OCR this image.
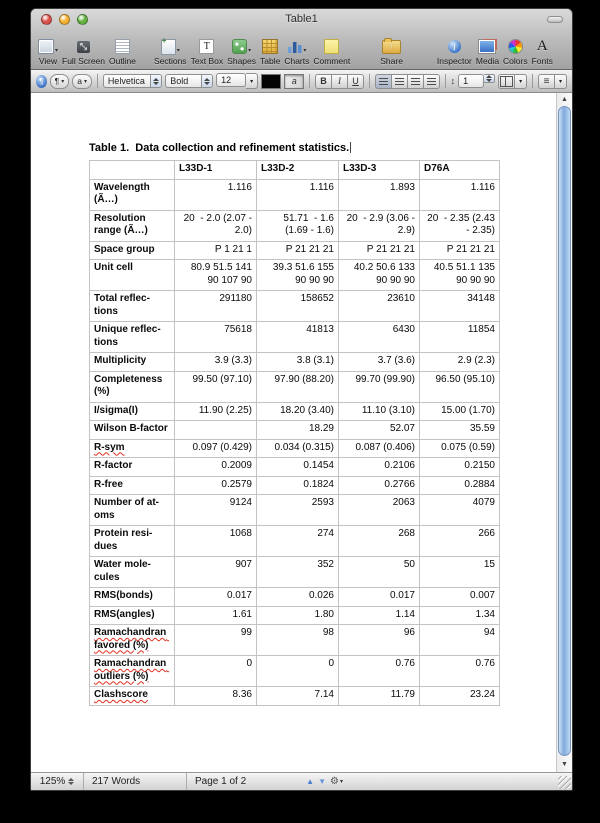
Table1
▾
View
⤡ Full Screen Outline
+
▾
Sections
T Text Box
▾
Shapes Table
▾
Charts Comment
↑	Share
i	Inspector Media Colors
A Fonts
¶	¶ ▾ a ▾	Helvetica	Bold	12	▾	a	B	I	U	↕ 1	▾	≡	▾
Table 1.  Data collection and refinement statistics.
	L33D-1	L33D-2	L33D-3	D76A
Wavelength (Ã…)	1.116	1.116	1.893	1.116
Resolution range (Ã…)	20  - 2.0 (2.07 - 2.0)	51.71  - 1.6 (1.69 - 1.6)	20  - 2.9 (3.06 - 2.9)	20  - 2.35 (2.43 - 2.35)
Space group	P 1 21 1	P 21 21 21	P 21 21 21	P 21 21 21
Unit cell	80.9 51.5 141 90 107 90	39.3 51.6 155 90 90 90	40.2 50.6 133 90 90 90	40.5 51.1 135 90 90 90
Total reflections	291180	158652	23610	34148
Unique reflections	75618	41813	6430	11854
Multiplicity	3.9 (3.3)	3.8 (3.1)	3.7 (3.6)	2.9 (2.3)
Completeness (%)	99.50 (97.10)	97.90 (88.20)	99.70 (99.90)	96.50 (95.10)
I/sigma(I)	11.90 (2.25)	18.20 (3.40)	11.10 (3.10)	15.00 (1.70)
Wilson B-factor		18.29	52.07	35.59
R-sym	0.097 (0.429)	0.034 (0.315)	0.087 (0.406)	0.075 (0.59)
R-factor	0.2009	0.1454	0.2106	0.2150
R-free	0.2579	0.1824	0.2766	0.2884
Number of atoms	9124	2593	2063	4079
Protein residues	1068	274	268	266
Water molecules	907	352	50	15
RMS(bonds)	0.017	0.026	0.017	0.007
RMS(angles)	1.61	1.80	1.14	1.34
Ramachandran favored (%)	99	98	96	94
Ramachandran outliers (%)	0	0	0.76	0.76
Clashscore	8.36	7.14	11.79	23.24
▲
▼
125%	217 Words	Page 1 of 2	▲ ▼ ⚙ ▾
